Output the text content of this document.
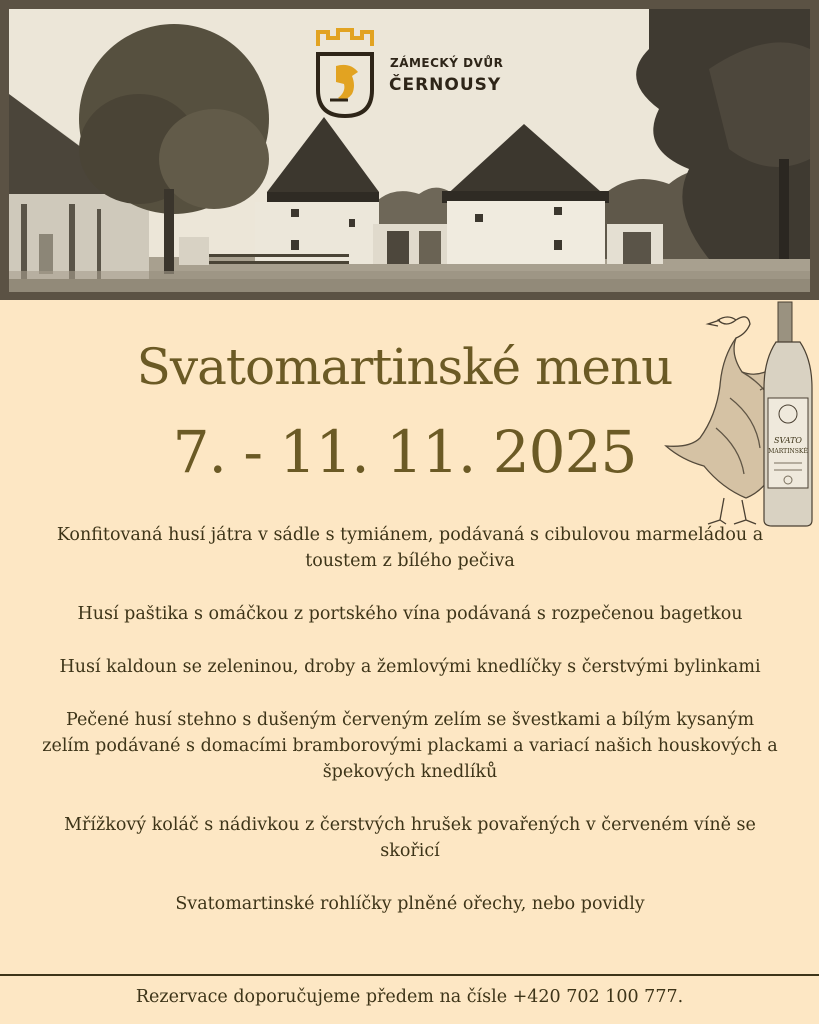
ZÁMECKÝ DVŮR
ČERNOUSY
Svatomartinské menu
7. - 11. 11. 2025	SVATO
MARTINSKÉ
Konfitovaná husí játra v sádle s tymiánem, podávaná s cibulovou marmeládou a toustem z bílého pečiva
Husí paštika s omáčkou z portského vína podávaná s rozpečenou bagetkou
Husí kaldoun se zeleninou, droby a žemlovými knedlíčky s čerstvými bylinkami
Pečené husí stehno s dušeným červeným zelím se švestkami a bílým kysaným zelím podávané s domacími bramborovými plackami a variací našich houskových a špekových knedlíků
Mřížkový koláč s nádivkou z čerstvých hrušek povařených v červeném víně se skořicí
Svatomartinské rohlíčky plněné ořechy, nebo povidly
Rezervace doporučujeme předem na čísle +420 702 100 777.
